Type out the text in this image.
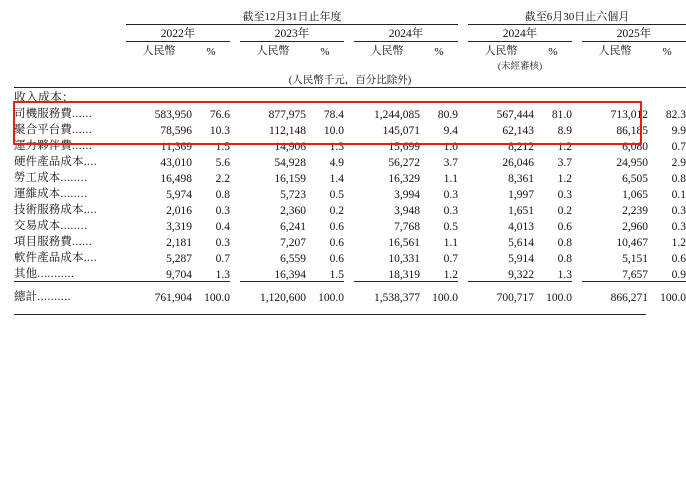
	截至12月31日止年度									截至6月30日止六個月				
	2022年			2023年			2024年			2024年			2025年	
	人民幣	%		人民幣	%		人民幣	%		人民幣	%		人民幣	%
										(未經審核)				
(人民幣千元，百分比除外)														
收入成本：														
司機服務費......	583,950	76.6		877,975	78.4		1,244,085	80.9		567,444	81.0		713,012	82.3
聚合平台費......	78,596	10.3		112,148	10.0		145,071	9.4		62,143	8.9		86,185	9.9
運力夥伴費......	11,369	1.5		14,906	1.3		15,699	1.0		8,212	1.2		6,080	0.7
硬件產品成本....	43,010	5.6		54,928	4.9		56,272	3.7		26,046	3.7		24,950	2.9
勞工成本........	16,498	2.2		16,159	1.4		16,329	1.1		8,361	1.2		6,505	0.8
運維成本........	5,974	0.8		5,723	0.5		3,994	0.3		1,997	0.3		1,065	0.1
技術服務成本....	2,016	0.3		2,360	0.2		3,948	0.3		1,651	0.2		2,239	0.3
交易成本........	3,319	0.4		6,241	0.6		7,768	0.5		4,013	0.6		2,960	0.3
項目服務費......	2,181	0.3		7,207	0.6		16,561	1.1		5,614	0.8		10,467	1.2
軟件產品成本....	5,287	0.7		6,559	0.6		10,331	0.7		5,914	0.8		5,151	0.6
其他...........	9,704	1.3		16,394	1.5		18,319	1.2		9,322	1.3		7,657	0.9
總計..........	761,904	100.0		1,120,600	100.0		1,538,377	100.0		700,717	100.0		866,271	100.0
